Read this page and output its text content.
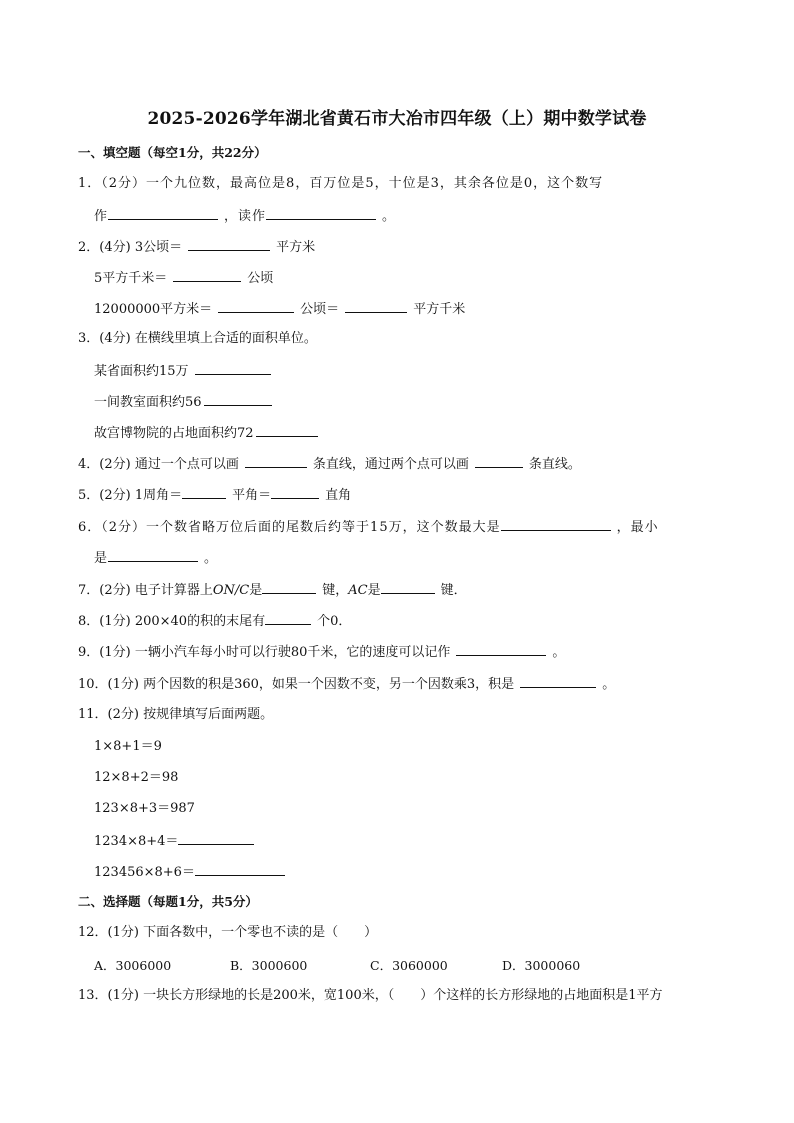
2025-2026学年湖北省黄石市大冶市四年级（上）期中数学试卷
一、填空题（每空1分，共22分）
1．（2分）一个九位数，最高位是8，百万位是5，十位是3，其余各位是0，这个数写
作	，读作	。
2．(4分) 3公顷＝	平方米
5平方千米＝	公顷
12000000平方米＝	公顷＝	平方千米
3．(4分) 在横线里填上合适的面积单位。
某省面积约15万
一间教室面积约56
故宫博物院的占地面积约72
4．(2分) 通过一个点可以画	条直线，通过两个点可以画	条直线。
5．(2分) 1周角＝	平角＝	直角
6．（2分）一个数省略万位后面的尾数后约等于15万，这个数最大是	，最小
是	。
7．(2分) 电子计算器上ON/C是	键，AC是	键．
8．(1分) 200×40的积的末尾有	个0．
9．(1分) 一辆小汽车每小时可以行驶80千米，它的速度可以记作	。
10．(1分) 两个因数的积是360，如果一个因数不变，另一个因数乘3，积是	。
11．(2分) 按规律填写后面两题。
1×8+1＝9
12×8+2＝98
123×8+3＝987
1234×8+4＝
123456×8+6＝
二、选择题（每题1分，共5分）
12．(1分) 下面各数中，一个零也不读的是（　　）
A．3006000	B．3000600	C．3060000	D．3000060
13．(1分) 一块长方形绿地的长是200米，宽100米，（　　）个这样的长方形绿地的占地面积是1平方
